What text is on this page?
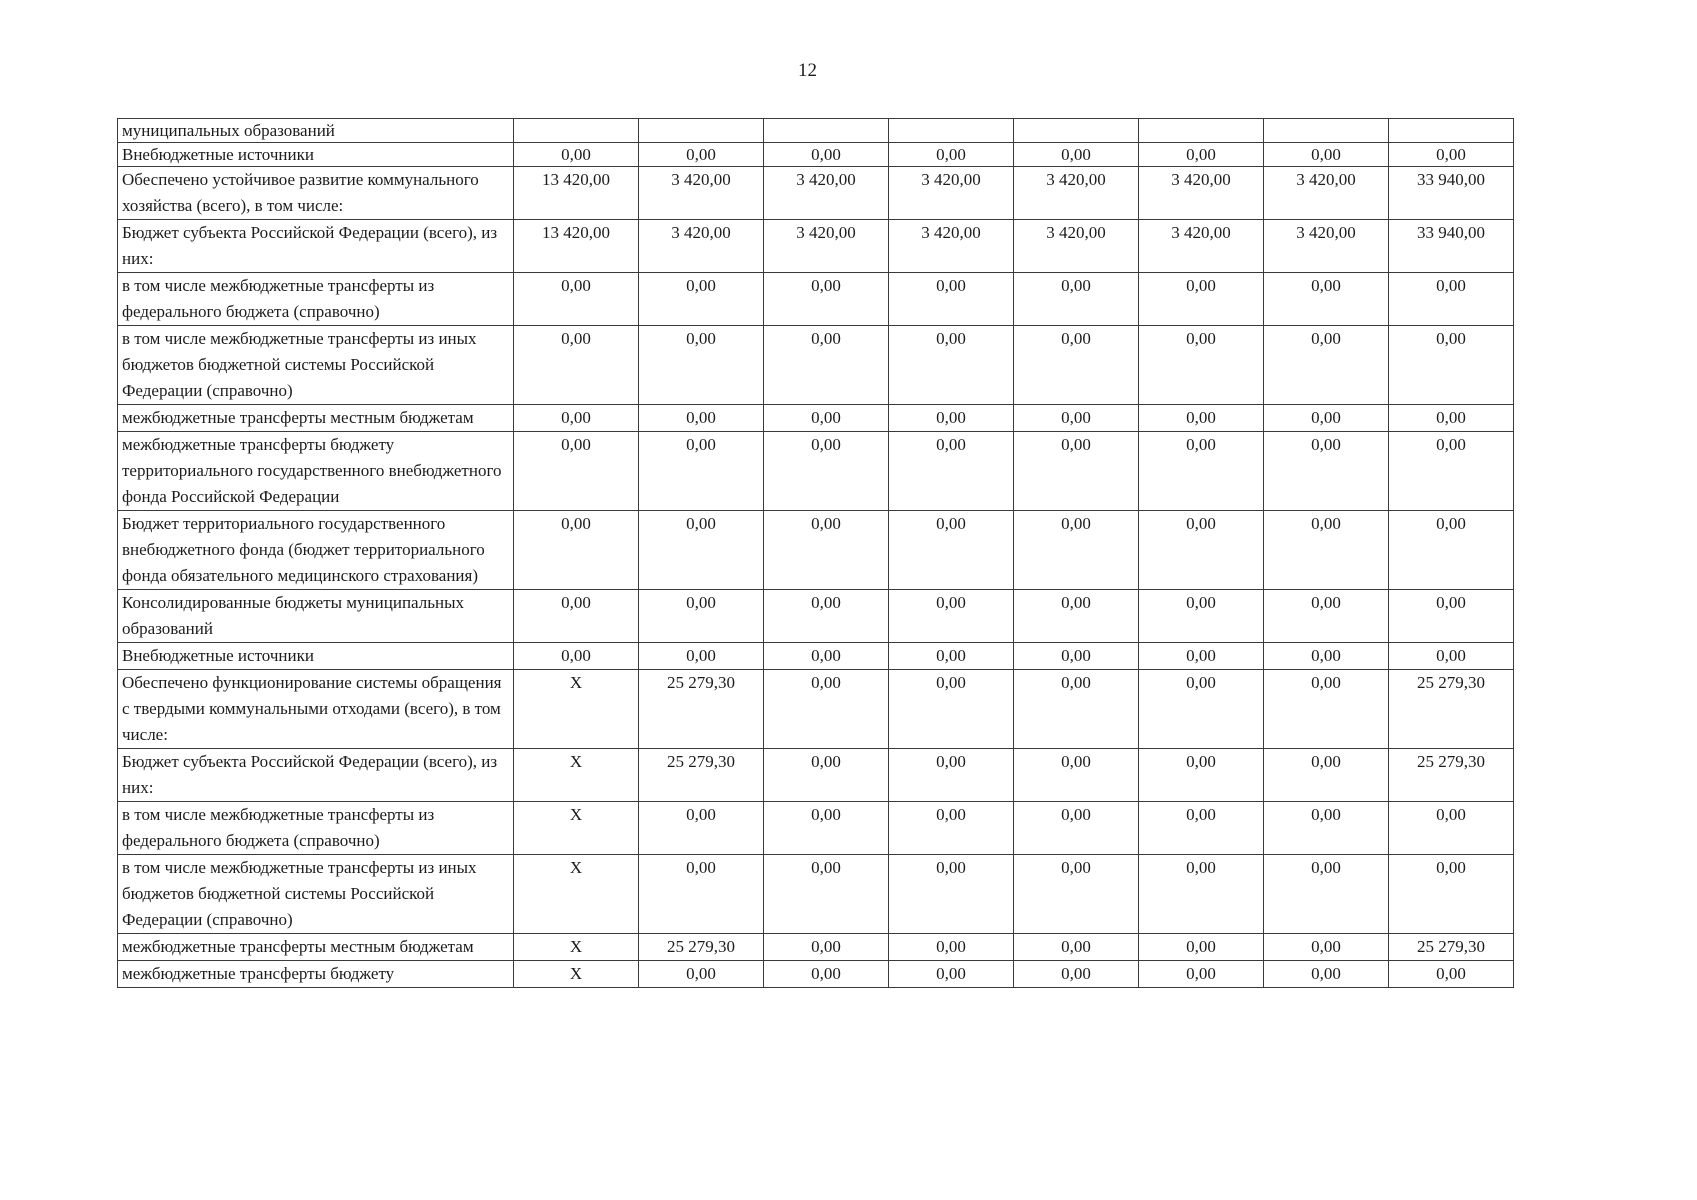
12
муниципальных образований								
Внебюджетные источники	0,00	0,00	0,00	0,00	0,00	0,00	0,00	0,00
Обеспечено устойчивое развитие коммунального хозяйства (всего), в том числе:	13 420,00	3 420,00	3 420,00	3 420,00	3 420,00	3 420,00	3 420,00	33 940,00
Бюджет субъекта Российской Федерации (всего), из них:	13 420,00	3 420,00	3 420,00	3 420,00	3 420,00	3 420,00	3 420,00	33 940,00
в том числе межбюджетные трансферты из федерального бюджета (справочно)	0,00	0,00	0,00	0,00	0,00	0,00	0,00	0,00
в том числе межбюджетные трансферты из иных бюджетов бюджетной системы Российской Федерации (справочно)	0,00	0,00	0,00	0,00	0,00	0,00	0,00	0,00
межбюджетные трансферты местным бюджетам	0,00	0,00	0,00	0,00	0,00	0,00	0,00	0,00
межбюджетные трансферты бюджету территориального государственного внебюджетного фонда Российской Федерации	0,00	0,00	0,00	0,00	0,00	0,00	0,00	0,00
Бюджет территориального государственного внебюджетного фонда (бюджет территориального фонда обязательного медицинского страхования)	0,00	0,00	0,00	0,00	0,00	0,00	0,00	0,00
Консолидированные бюджеты муниципальных образований	0,00	0,00	0,00	0,00	0,00	0,00	0,00	0,00
Внебюджетные источники	0,00	0,00	0,00	0,00	0,00	0,00	0,00	0,00
Обеспечено функционирование системы обращения с твердыми коммунальными отходами (всего), в том числе:	X	25 279,30	0,00	0,00	0,00	0,00	0,00	25 279,30
Бюджет субъекта Российской Федерации (всего), из них:	X	25 279,30	0,00	0,00	0,00	0,00	0,00	25 279,30
в том числе межбюджетные трансферты из федерального бюджета (справочно)	X	0,00	0,00	0,00	0,00	0,00	0,00	0,00
в том числе межбюджетные трансферты из иных бюджетов бюджетной системы Российской Федерации (справочно)	X	0,00	0,00	0,00	0,00	0,00	0,00	0,00
межбюджетные трансферты местным бюджетам	X	25 279,30	0,00	0,00	0,00	0,00	0,00	25 279,30
межбюджетные трансферты бюджету	X	0,00	0,00	0,00	0,00	0,00	0,00	0,00
